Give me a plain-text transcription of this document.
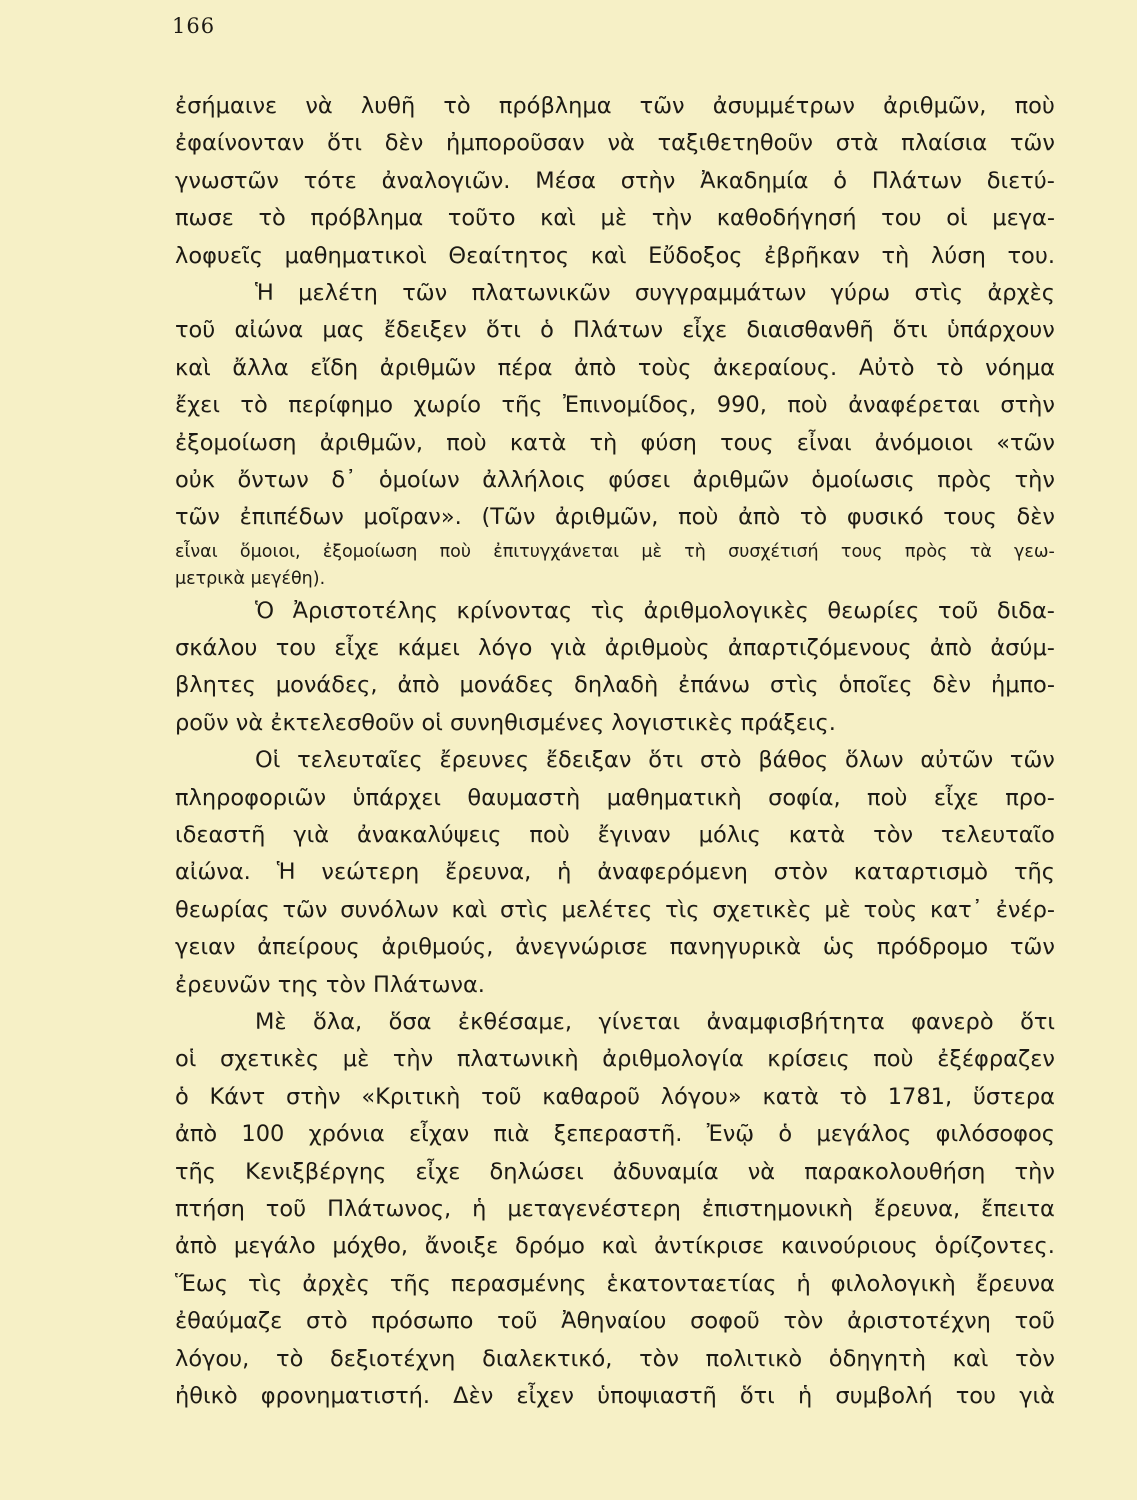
166
ἐσήμαινε νὰ λυθῆ τὸ πρόβλημα τῶν ἀσυμμέτρων ἀριθμῶν, ποὺ
ἐφαίνονταν ὅτι δὲν ἠμποροῦσαν νὰ ταξιθετηθοῦν στὰ πλαίσια τῶν
γνωστῶν τότε ἀναλογιῶν. Μέσα στὴν Ἀκαδημία ὁ Πλάτων διετύ-
πωσε τὸ πρόβλημα τοῦτο καὶ μὲ τὴν καθοδήγησή του οἱ μεγα-
λοφυεῖς μαθηματικοὶ Θεαίτητος καὶ Εὔδοξος ἐβρῆκαν τὴ λύση του.
Ἡ μελέτη τῶν πλατωνικῶν συγγραμμάτων γύρω στὶς ἀρχὲς
τοῦ αἰώνα μας ἔδειξεν ὅτι ὁ Πλάτων εἶχε διαισθανθῆ ὅτι ὑπάρχουν
καὶ ἄλλα εἴδη ἀριθμῶν πέρα ἀπὸ τοὺς ἀκεραίους. Αὐτὸ τὸ νόημα
ἔχει τὸ περίφημο χωρίο τῆς Ἐπινομίδος, 990, ποὺ ἀναφέρεται στὴν
ἐξομοίωση ἀριθμῶν, ποὺ κατὰ τὴ φύση τους εἶναι ἀνόμοιοι «τῶν
οὐκ ὄντων δ᾿ ὁμοίων ἀλλήλοις φύσει ἀριθμῶν ὁμοίωσις πρὸς τὴν
τῶν ἐπιπέδων μοῖραν». (Τῶν ἀριθμῶν, ποὺ ἀπὸ τὸ φυσικό τους δὲν
εἶναι ὅμοιοι, ἐξομοίωση ποὺ ἐπιτυγχάνεται μὲ τὴ συσχέτισή τους πρὸς τὰ γεω-
μετρικὰ μεγέθη).
Ὁ Ἀριστοτέλης κρίνοντας τὶς ἀριθμολογικὲς θεωρίες τοῦ διδα-
σκάλου του εἶχε κάμει λόγο γιὰ ἀριθμοὺς ἀπαρτιζόμενους ἀπὸ ἀσύμ-
βλητες μονάδες, ἀπὸ μονάδες δηλαδὴ ἐπάνω στὶς ὁποῖες δὲν ἠμπο-
ροῦν νὰ ἐκτελεσθοῦν οἱ συνηθισμένες λογιστικὲς πράξεις.
Οἱ τελευταῖες ἔρευνες ἔδειξαν ὅτι στὸ βάθος ὅλων αὐτῶν τῶν
πληροφοριῶν ὑπάρχει θαυμαστὴ μαθηματικὴ σοφία, ποὺ εἶχε προ-
ιδεαστῆ γιὰ ἀνακαλύψεις ποὺ ἔγιναν μόλις κατὰ τὸν τελευταῖο
αἰώνα. Ἡ νεώτερη ἔρευνα, ἡ ἀναφερόμενη στὸν καταρτισμὸ τῆς
θεωρίας τῶν συνόλων καὶ στὶς μελέτες τὶς σχετικὲς μὲ τοὺς κατ᾿ ἐνέρ-
γειαν ἀπείρους ἀριθμούς, ἀνεγνώρισε πανηγυρικὰ ὡς πρόδρομο τῶν
ἐρευνῶν της τὸν Πλάτωνα.
Μὲ ὅλα, ὅσα ἐκθέσαμε, γίνεται ἀναμφισβήτητα φανερὸ ὅτι
οἱ σχετικὲς μὲ τὴν πλατωνικὴ ἀριθμολογία κρίσεις ποὺ ἐξέφραζεν
ὁ Κάντ στὴν «Κριτικὴ τοῦ καθαροῦ λόγου» κατὰ τὸ 1781, ὕστερα
ἀπὸ 100 χρόνια εἶχαν πιὰ ξεπεραστῆ. Ἐνῷ ὁ μεγάλος φιλόσοφος
τῆς Κενιξβέργης εἶχε δηλώσει ἀδυναμία νὰ παρακολουθήση τὴν
πτήση τοῦ Πλάτωνος, ἡ μεταγενέστερη ἐπιστημονικὴ ἔρευνα, ἔπειτα
ἀπὸ μεγάλο μόχθο, ἄνοιξε δρόμο καὶ ἀντίκρισε καινούριους ὁρίζοντες.
Ἕως τὶς ἀρχὲς τῆς περασμένης ἑκατονταετίας ἡ φιλολογικὴ ἔρευνα
ἐθαύμαζε στὸ πρόσωπο τοῦ Ἀθηναίου σοφοῦ τὸν ἀριστοτέχνη τοῦ
λόγου, τὸ δεξιοτέχνη διαλεκτικό, τὸν πολιτικὸ ὁδηγητὴ καὶ τὸν
ἠθικὸ φρονηματιστή. Δὲν εἶχεν ὑποψιαστῆ ὅτι ἡ συμβολή του γιὰ
